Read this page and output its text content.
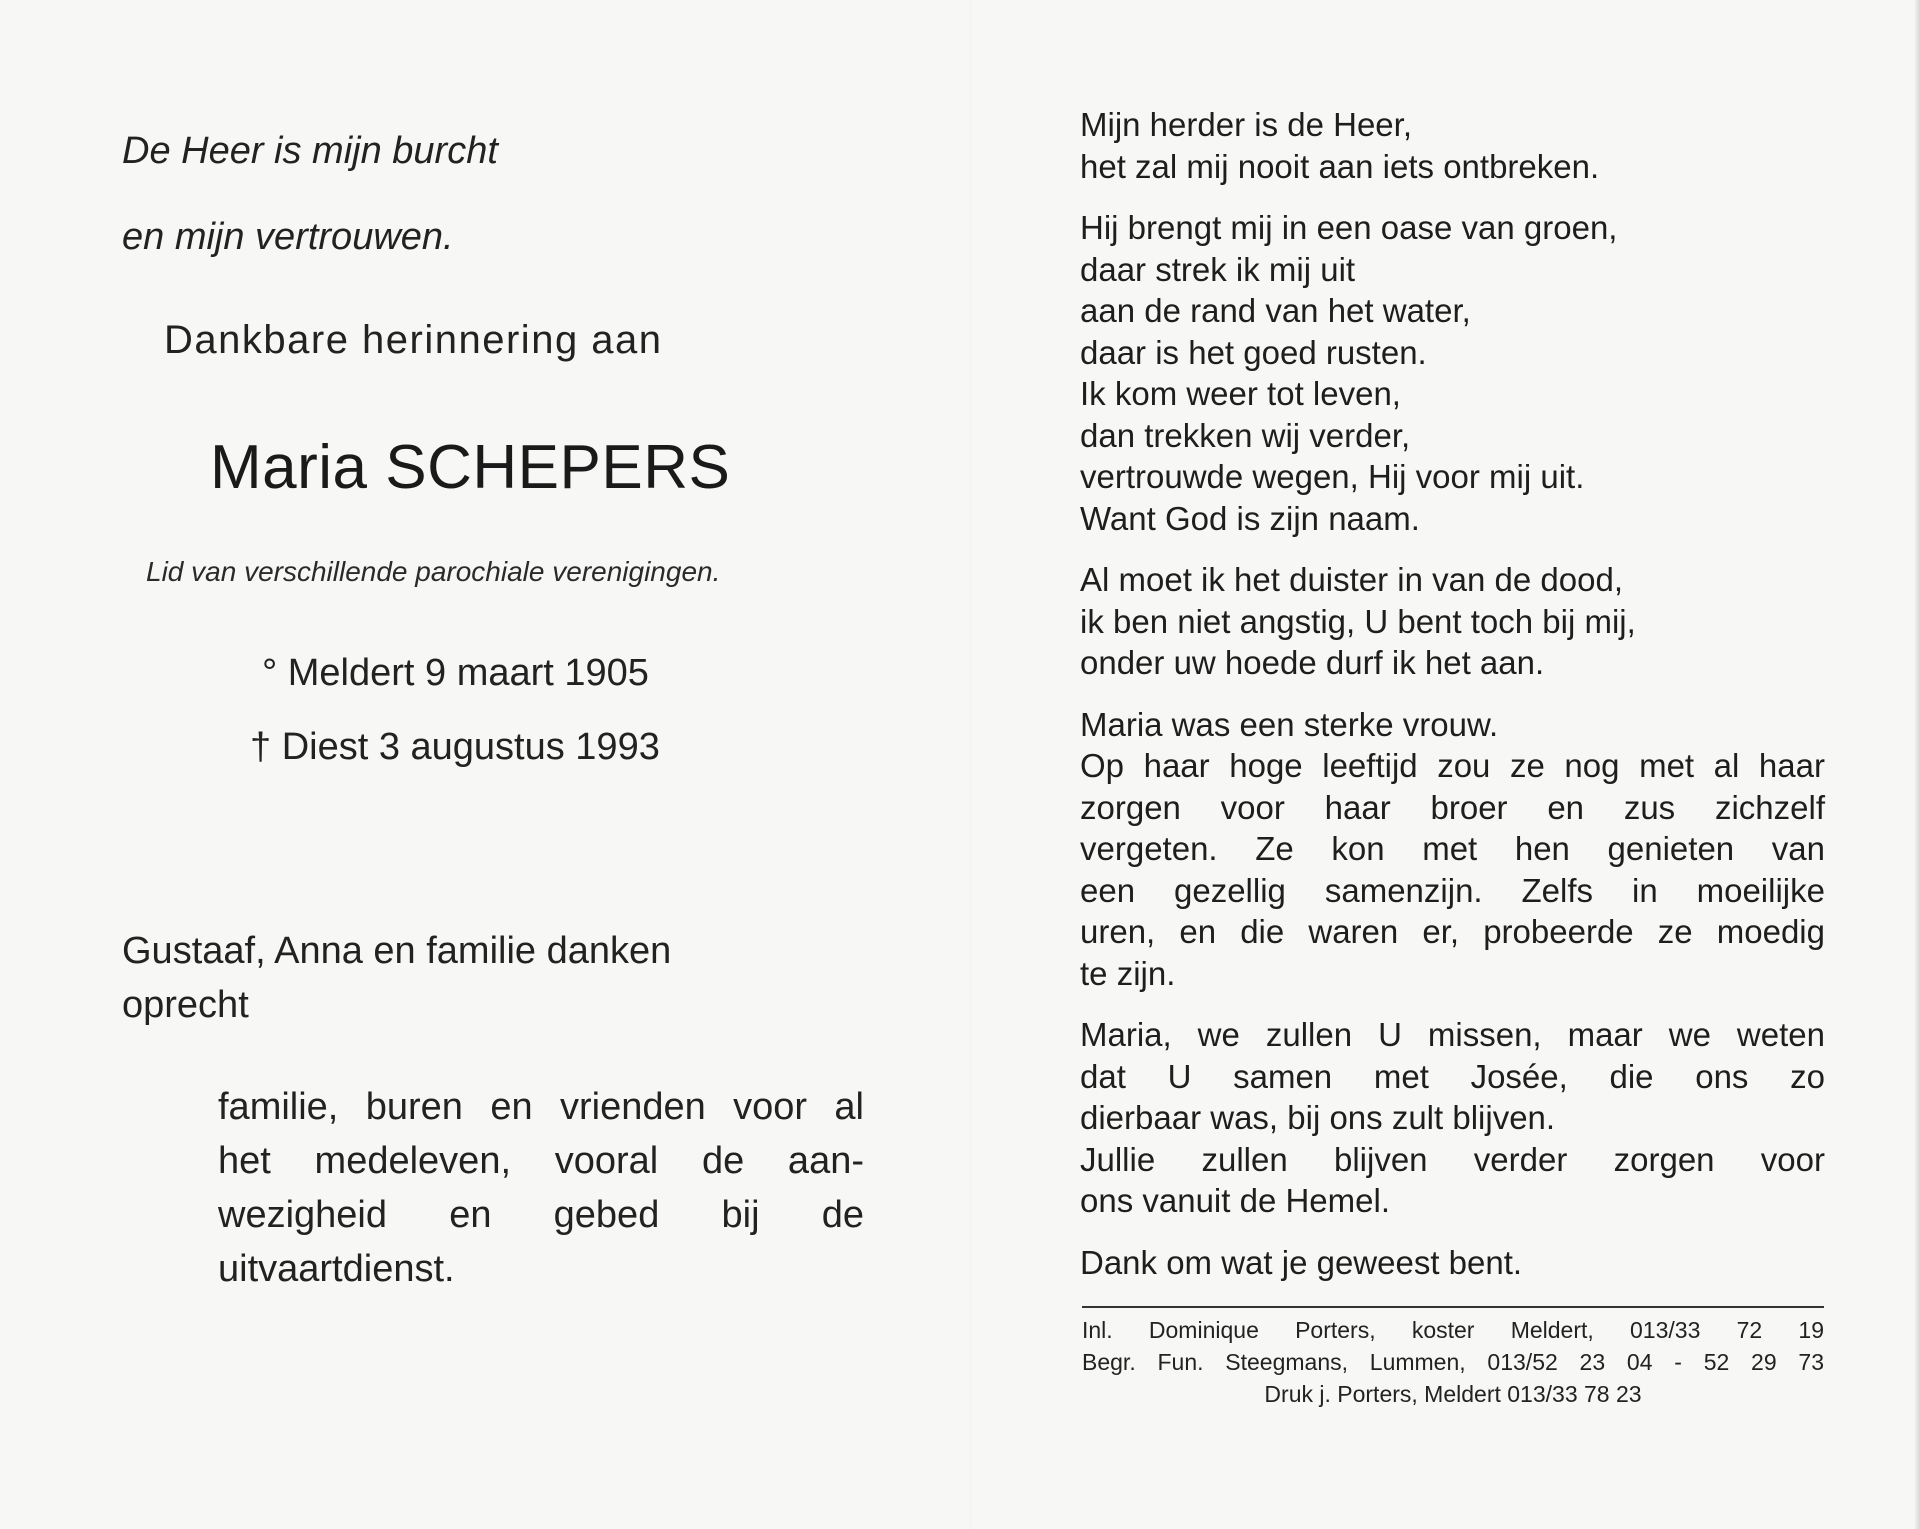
De Heer is mijn burcht
en mijn vertrouwen.
Dankbare herinnering aan
Maria SCHEPERS
Lid van verschillende parochiale verenigingen.
° Meldert 9 maart 1905
† Diest 3 augustus 1993
Gustaaf, Anna en familie danken
oprecht
familie, buren en vrienden voor al
het medeleven, vooral de aan-
wezigheid en gebed bij de
uitvaartdienst.
Mijn herder is de Heer,
het zal mij nooit aan iets ontbreken.
Hij brengt mij in een oase van groen,
daar strek ik mij uit
aan de rand van het water,
daar is het goed rusten.
Ik kom weer tot leven,
dan trekken wij verder,
vertrouwde wegen, Hij voor mij uit.
Want God is zijn naam.
Al moet ik het duister in van de dood,
ik ben niet angstig, U bent toch bij mij,
onder uw hoede durf ik het aan.
Maria was een sterke vrouw.
Op haar hoge leeftijd zou ze nog met al haar
zorgen voor haar broer en zus zichzelf
vergeten. Ze kon met hen genieten van
een gezellig samenzijn. Zelfs in moeilijke
uren, en die waren er, probeerde ze moedig
te zijn.
Maria, we zullen U missen, maar we weten
dat U samen met Josée, die ons zo
dierbaar was, bij ons zult blijven.
Jullie zullen blijven verder zorgen voor
ons vanuit de Hemel.
Dank om wat je geweest bent.
Inl. Dominique Porters, koster Meldert, 013/33 72 19
Begr. Fun. Steegmans, Lummen, 013/52 23 04 - 52 29 73
Druk j. Porters, Meldert 013/33 78 23
